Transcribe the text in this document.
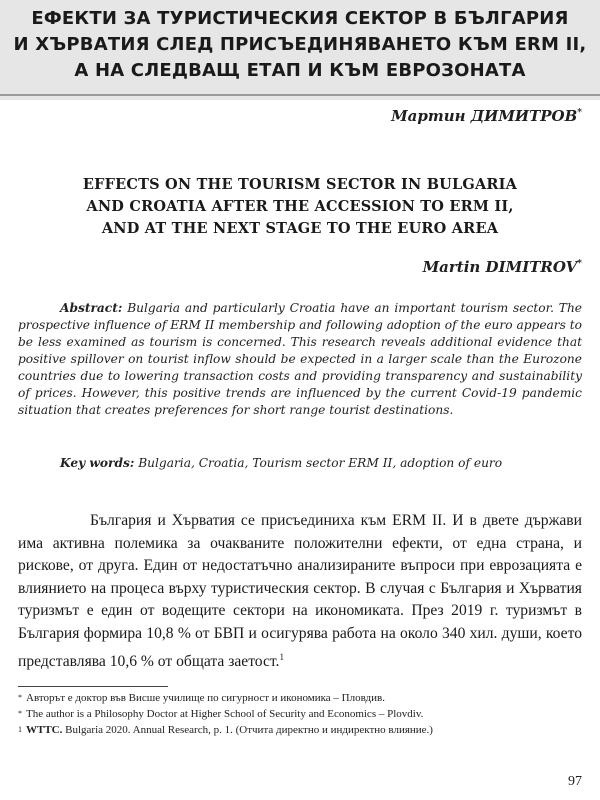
ЕФЕКТИ ЗА ТУРИСТИЧЕСКИЯ СЕКТОР В БЪЛГАРИЯ
И ХЪРВАТИЯ СЛЕД ПРИСЪЕДИНЯВАНЕТО КЪМ ERM II,
А НА СЛЕДВАЩ ЕТАП И КЪМ ЕВРОЗОНАТА
Мартин ДИМИТРОВ*
EFFECTS ON THE TOURISM SECTOR IN BULGARIA
AND CROATIA AFTER THE ACCESSION TO ERM II,
AND AT THE NEXT STAGE TO THE EURO AREA
Martin DIMITROV*
Abstract: Bulgaria and particularly Croatia have an important tourism sector. The prospective influence of ERM II membership and following adoption of the euro appears to be less examined as tourism is concerned. This research reveals additional evidence that positive spillover on tourist inflow should be expected in a larger scale than the Eurozone countries due to lowering transaction costs and providing transparency and sustainability of prices. However, this positive trends are influenced by the current Covid-19 pandemic situation that creates preferences for short range tourist destinations.
Key words: Bulgaria, Croatia, Tourism sector ERM II, adoption of euro
България и Хърватия се присъединиха към ERM II. И в двете държави има активна полемика за очакваните положителни ефекти, от една страна, и рискове, от друга. Един от недостатъчно анализираните въпроси при еврозацията е влиянието на процеса върху туристическия сектор. В случая с България и Хърватия туризмът е един от водещите сектори на икономиката. През 2019 г. туризмът в България формира 10,8 % от БВП и осигурява работа на около 340 хил. души, което представлява 10,6 % от общата заетост.$^1$
* Авторът е доктор във Висше училище по сигурност и икономика – Пловдив.
* The author is a Philosophy Doctor at Higher School of Security and Economics – Plovdiv.
1 WTTC. Bulgaria 2020. Annual Research, p. 1. (Отчита директно и индиректно влияние.)
97
